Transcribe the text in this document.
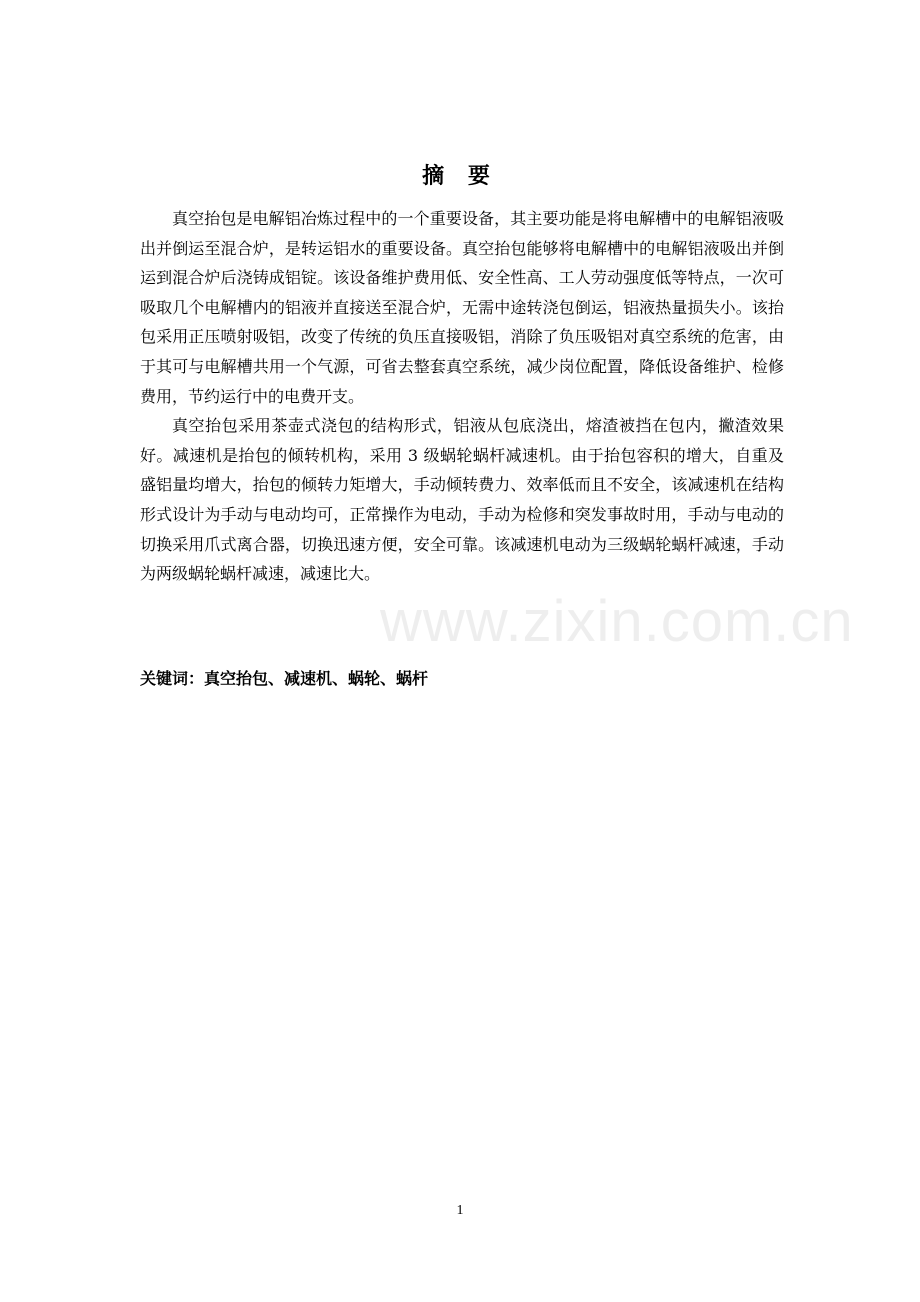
摘 要

真空抬包是电解铝冶炼过程中的一个重要设备，其主要功能是将电解槽中的电解铝液吸出并倒运至混合炉，是转运铝水的重要设备。真空抬包能够将电解槽中的电解铝液吸出并倒运到混合炉后浇铸成铝锭。该设备维护费用低、安全性高、工人劳动强度低等特点，一次可吸取几个电解槽内的铝液并直接送至混合炉，无需中途转浇包倒运，铝液热量损失小。该抬包采用正压喷射吸铝，改变了传统的负压直接吸铝，消除了负压吸铝对真空系统的危害，由于其可与电解槽共用一个气源，可省去整套真空系统，减少岗位配置，降低设备维护、检修费用，节约运行中的电费开支。

真空抬包采用茶壶式浇包的结构形式，铝液从包底浇出，熔渣被挡在包内，撇渣效果好。减速机是抬包的倾转机构，采用 3 级蜗轮蜗杆减速机。由于抬包容积的增大，自重及盛铝量均增大，抬包的倾转力矩增大，手动倾转费力、效率低而且不安全，该减速机在结构形式设计为手动与电动均可，正常操作为电动，手动为检修和突发事故时用，手动与电动的切换采用爪式离合器，切换迅速方便，安全可靠。该减速机电动为三级蜗轮蜗杆减速，手动为两级蜗轮蜗杆减速，减速比大。

www.zixin.com.cn
关键词：真空抬包、减速机、蜗轮、蜗杆
1
